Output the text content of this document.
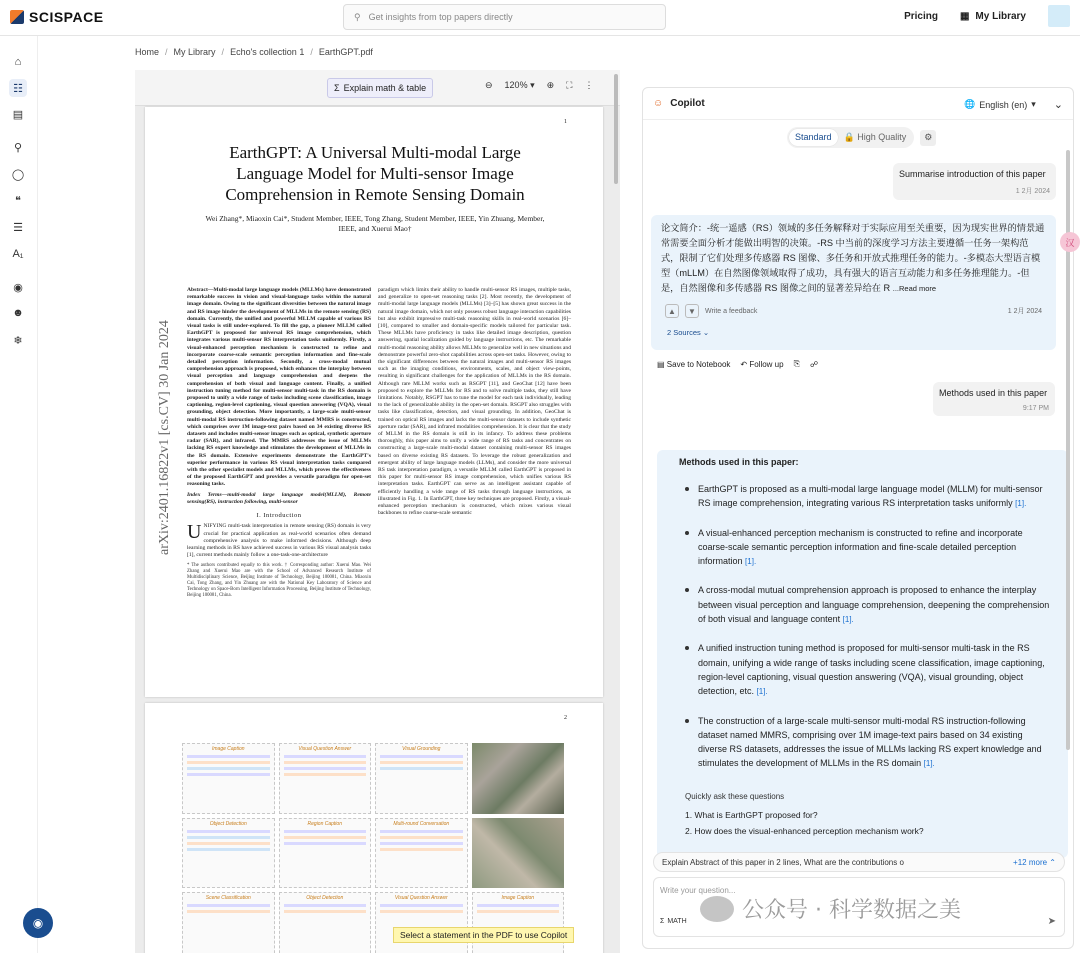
SCISPACE	⚲ Get insights from top papers directly	Pricing ▦ My Library
⌂
☷
▤
⚲
◯
❝
☰
A₁
◉
☻
❄
◉
Home / My Library / Echo's collection 1 / EarthGPT.pdf
Σ Explain math & table	⊖ 120% ▾ ⊕ ⛶ ⋮
1
EarthGPT: A Universal Multi-modal Large Language Model for Multi-sensor Image Comprehension in Remote Sensing Domain
Wei Zhang*, Miaoxin Cai*, Student Member, IEEE, Tong Zhang, Student Member, IEEE, Yin Zhuang, Member, IEEE, and Xuerui Mao†
arXiv:2401.16822v1 [cs.CV] 30 Jan 2024
Abstract—Multi-modal large language models (MLLMs) have demonstrated remarkable success in vision and visual-language tasks within the natural image domain. Owing to the significant diversities between the natural image and RS image hinder the development of MLLMs in the remote sensing (RS) domain. Currently, the unified and powerful MLLM capable of various RS visual tasks is still under-explored. To fill the gap, a pioneer MLLM called EarthGPT is proposed for universal RS image comprehension, which integrates various multi-sensor RS interpretation tasks uniformly. Firstly, a visual-enhanced perception mechanism is constructed to refine and incorporate coarse-scale semantic perception information and fine-scale detailed perception information. Secondly, a cross-modal mutual comprehension approach is proposed, which enhances the interplay between visual perception and language comprehension and deepens the comprehension of both visual and language content. Finally, a unified instruction tuning method for multi-sensor multi-task in the RS domain is proposed to unify a wide range of tasks including scene classification, image captioning, region-level captioning, visual question answering (VQA), visual grounding, object detection. More importantly, a large-scale multi-sensor multi-modal RS instruction-following dataset named MMRS is constructed, which comprises over 1M image-text pairs based on 34 existing diverse RS datasets and includes multi-sensor images such as optical, synthetic aperture radar (SAR), and infrared. The MMRS addresses the issue of MLLMs lacking RS expert knowledge and stimulates the development of MLLMs in the RS domain. Extensive experiments demonstrate the EarthGPT's superior performance in various RS visual interpretation tasks compared with the other specialist models and MLLMs, which proves the effectiveness of the proposed EarthGPT and provides a versatile paradigm for open-set reasoning tasks.
Index Terms—multi-modal large language model(MLLM), Remote sensing(RS), instruction following, multi-sensor
I. Introduction
UNIFYING multi-task interpretation in remote sensing (RS) domain is very crucial for practical application as real-world scenarios often demand comprehensive analysis to make informed decisions. Although deep learning methods in RS have achieved success in various RS visual analysis tasks [1], current methods mainly follow a one-task-one-architecture
* The authors contributed equally to this work. † Corresponding author: Xuerui Mao. Wei Zhang and Xuerui Mao are with the School of Advanced Research Institute of Multidisciplinary Science, Beijing Institute of Technology, Beijing 100081, China. Miaoxin Cai, Tong Zhang, and Yin Zhuang are with the National Key Laboratory of Science and Technology on Space-Born Intelligent Information Processing, Beijing Institute of Technology, Beijing 100081, China.
paradigm which limits their ability to handle multi-sensor RS images, multiple tasks, and generalize to open-set reasoning tasks [2]. Most recently, the development of multi-modal large language models (MLLMs) [3]–[5] has shown great success in the natural image domain, which not only possess robust language interaction capabilities but also exhibit impressive multi-task reasoning skills in real-world scenarios [6]–[10], compared to smaller and domain-specific models tailored for particular task. These MLLMs have proficiency in tasks like detailed image description, question answering, spatial localization guided by language instructions, etc. The remarkable multi-modal reasoning ability allows MLLMs to generalize well in new situations and demonstrate powerful zero-shot capabilities across open-set tasks. However, owing to the significant differences between the natural images and multi-sensor RS images such as the imaging conditions, environments, scales, and object view-points, resulting in significant challenges for the application of MLLMs in the RS domain. Although rare MLLM works such as RSGPT [11], and GeoChat [12] have been proposed to explore the MLLMs for RS and to solve multiple tasks, they still have limitations. Notably, RSGPT has to tune the model for each task individually, leading to the lack of generalizable ability in the open-set domain. RSGPT also struggles with tasks like classification, detection, and visual grounding. In addition, GeoChat is trained on optical RS images and lacks the multi-sensor datasets to include synthetic aperture radar (SAR), and infrared modalities comprehension. It is clear that the study of MLLM in the RS domain is still in its infancy. To address these problems thoroughly, this paper aims to unify a wide range of RS tasks and concentrates on constructing a large-scale multi-modal dataset containing multi-sensor RS images based on diverse existing RS datasets. To leverage the robust generalization and emergent ability of large language models (LLMs), and consider the more universal RS task interpretation paradigm, a versatile MLLM called EarthGPT is proposed in this paper for multi-sensor RS image comprehension, which unifies various RS interpretation tasks. EarthGPT can serve as an intelligent assistant capable of efficiently handling a wide range of RS tasks through language instructions, as illustrated in Fig. 1. In EarthGPT, three key techniques are proposed. Firstly, a visual-enhanced perception mechanism is constructed, which mixes various visual backbones to refine coarse-scale semantic
2
Image Caption	Visual Question Answer	Visual Grounding
Object Detection	Region Caption	Multi-round Conversation
Scene Classification	Object Detection	Visual Question Answer	Image Caption
Select a statement in the PDF to use Copilot
☺ Copilot	🌐 English (en) ▾ ⌄
Standard	🔒 High Quality	⚙
Summarise introduction of this paper
1 2月 2024
论文简介：-统一遥感（RS）领域的多任务解释对于实际应用至关重要，因为现实世界的情景通常需要全面分析才能做出明智的决策。-RS 中当前的深度学习方法主要遵循一任务一架构范式，限制了它们处理多传感器 RS 图像、多任务和开放式推理任务的能力。-多模态大型语言模型（mLLM）在自然图像领域取得了成功，具有强大的语言互动能力和多任务推理能力。-但是，自然图像和多传感器 RS 图像之间的显著差异给在 R ...Read more
▲	▼	Write a feedback	1 2月 2024
2 Sources ⌄
▤ Save to Notebook ↶ Follow up ⎘ ☍
Methods used in this paper
9:17 PM
Methods used in this paper:
EarthGPT is proposed as a multi-modal large language model (MLLM) for multi-sensor RS image comprehension, integrating various RS interpretation tasks uniformly [1].
A visual-enhanced perception mechanism is constructed to refine and incorporate coarse-scale semantic perception information and fine-scale detailed perception information [1].
A cross-modal mutual comprehension approach is proposed to enhance the interplay between visual perception and language comprehension, deepening the comprehension of both visual and language content [1].
A unified instruction tuning method is proposed for multi-sensor multi-task in the RS domain, unifying a wide range of tasks including scene classification, image captioning, region-level captioning, visual question answering (VQA), visual grounding, object detection, etc. [1].
The construction of a large-scale multi-sensor multi-modal RS instruction-following dataset named MMRS, comprising over 1M image-text pairs based on 34 existing diverse RS datasets, addresses the issue of MLLMs lacking RS expert knowledge and stimulates the development of MLLMs in the RS domain [1].
Quickly ask these questions
1. What is EarthGPT proposed for?
2. How does the visual-enhanced perception mechanism work?
Explain Abstract of this paper in 2 lines, What are the contributions o	+12 more ⌃
Write your question...
Σ MATH	➤
汉
公众号 · 科学数据之美
